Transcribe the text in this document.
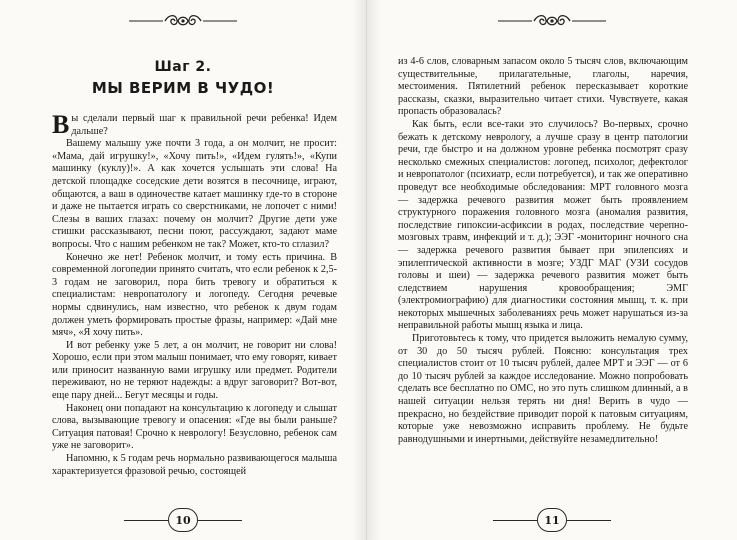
Шаг 2.
МЫ ВЕРИМ В ЧУДО!

Вы сделали первый шаг к правильной речи ребенка! Идем дальше?

Вашему малышу уже почти 3 года, а он молчит, не просит: «Мама, дай игрушку!», «Хочу пить!», «Идем гулять!», «Купи машинку (куклу)!». А как хочется услышать эти слова! На детской площадке соседские дети возятся в песочнице, играют, общаются, а ваш в одиночестве катает машинку где-то в стороне и даже не пытается играть со сверстниками, не лопочет с ними! Слезы в ваших глазах: почему он молчит? Другие дети уже стишки рассказывают, песни поют, рассуждают, задают маме вопросы. Что с нашим ребенком не так? Может, кто-то сглазил?

Конечно же нет! Ребенок молчит, и тому есть причина. В современной логопедии принято считать, что если ребенок к 2,5-3 годам не заговорил, пора бить тревогу и обратиться к специалистам: невропатологу и логопеду. Сегодня речевые нормы сдвинулись, нам известно, что ребенок к двум годам должен уметь формировать простые фразы, например: «Дай мне мяч», «Я хочу пить».

И вот ребенку уже 5 лет, а он молчит, не говорит ни слова! Хорошо, если при этом малыш понимает, что ему говорят, кивает или приносит названную вами игрушку или предмет. Родители переживают, но не теряют надежды: а вдруг заговорит? Вот-вот, еще пару дней... Бегут месяцы и годы.

Наконец они попадают на консультацию к логопеду и слышат слова, вызывающие тревогу и опасения: «Где вы были раньше? Ситуация патовая! Срочно к неврологу! Безусловно, ребенок сам уже не заговорит».

Напомню, к 5 годам речь нормально развивающегося малыша характеризуется фразовой речью, состоящей

10	11

из 4-6 слов, словарным запасом около 5 тысяч слов, включающим существительные, прилагательные, глаголы, наречия, местоимения. Пятилетний ребенок пересказывает короткие рассказы, сказки, выразительно читает стихи. Чувствуете, какая пропасть образовалась?

Как быть, если все-таки это случилось? Во-первых, срочно бежать к детскому неврологу, а лучше сразу в центр патологии речи, где быстро и на должном уровне ребенка посмотрят сразу несколько смежных специалистов: логопед, психолог, дефектолог и невропатолог (психиатр, если потребуется), и так же оперативно проведут все необходимые обследования: МРТ головного мозга — задержка речевого развития может быть проявлением структурного поражения головного мозга (аномалия развития, последствие гипоксии-асфиксии в родах, последствие черепно-мозговых травм, инфекций и т. д.); ЭЭГ -мониторинг ночного сна — задержка речевого развития бывает при эпилепсиях и эпилептической активности в мозге; УЗДГ МАГ (УЗИ сосудов головы и шеи) — задержка речевого развития может быть следствием нарушения кровообращения; ЭМГ (электромиографию) для диагностики состояния мышц, т. к. при некоторых мышечных заболеваниях речь может нарушаться из-за неправильной работы мышц языка и лица.

Приготовьтесь к тому, что придется выложить немалую сумму, от 30 до 50 тысяч рублей. Поясню: консультация трех специалистов стоит от 10 тысяч рублей, далее МРТ и ЭЭГ — от 6 до 10 тысяч рублей за каждое исследование. Можно попробовать сделать все бесплатно по ОМС, но это путь слишком длинный, а в нашей ситуации нельзя терять ни дня! Верить в чудо — прекрасно, но бездействие приводит порой к патовым ситуациям, которые уже невозможно исправить проблему. Не будьте равнодушными и инертными, действуйте незамедлительно!
